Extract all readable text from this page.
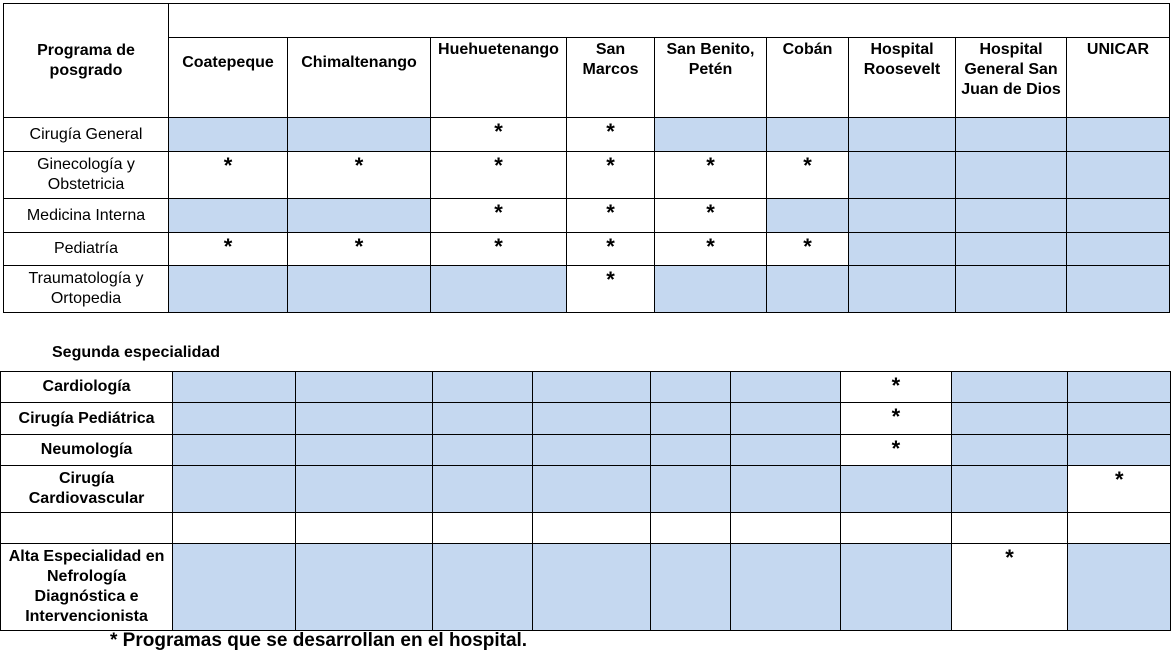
Programa de posgrado									
	Coatepeque	Chimaltenango	Huehuetenango	San Marcos	San Benito, Petén	Cobán	Hospital Roosevelt	Hospital General San Juan de Dios	UNICAR
Cirugía General			*	*					
Ginecología y Obstetricia	*	*	*	*	*	*			
Medicina Interna			*	*	*				
Pediatría	*	*	*	*	*	*			
Traumatología y Ortopedia				*					
Segunda especialidad
Cardiología							*		
Cirugía Pediátrica							*		
Neumología							*		
Cirugía Cardiovascular									*

Alta Especialidad en Nefrología Diagnóstica e Intervencionista								*	
* Programas que se desarrollan en el hospital.
